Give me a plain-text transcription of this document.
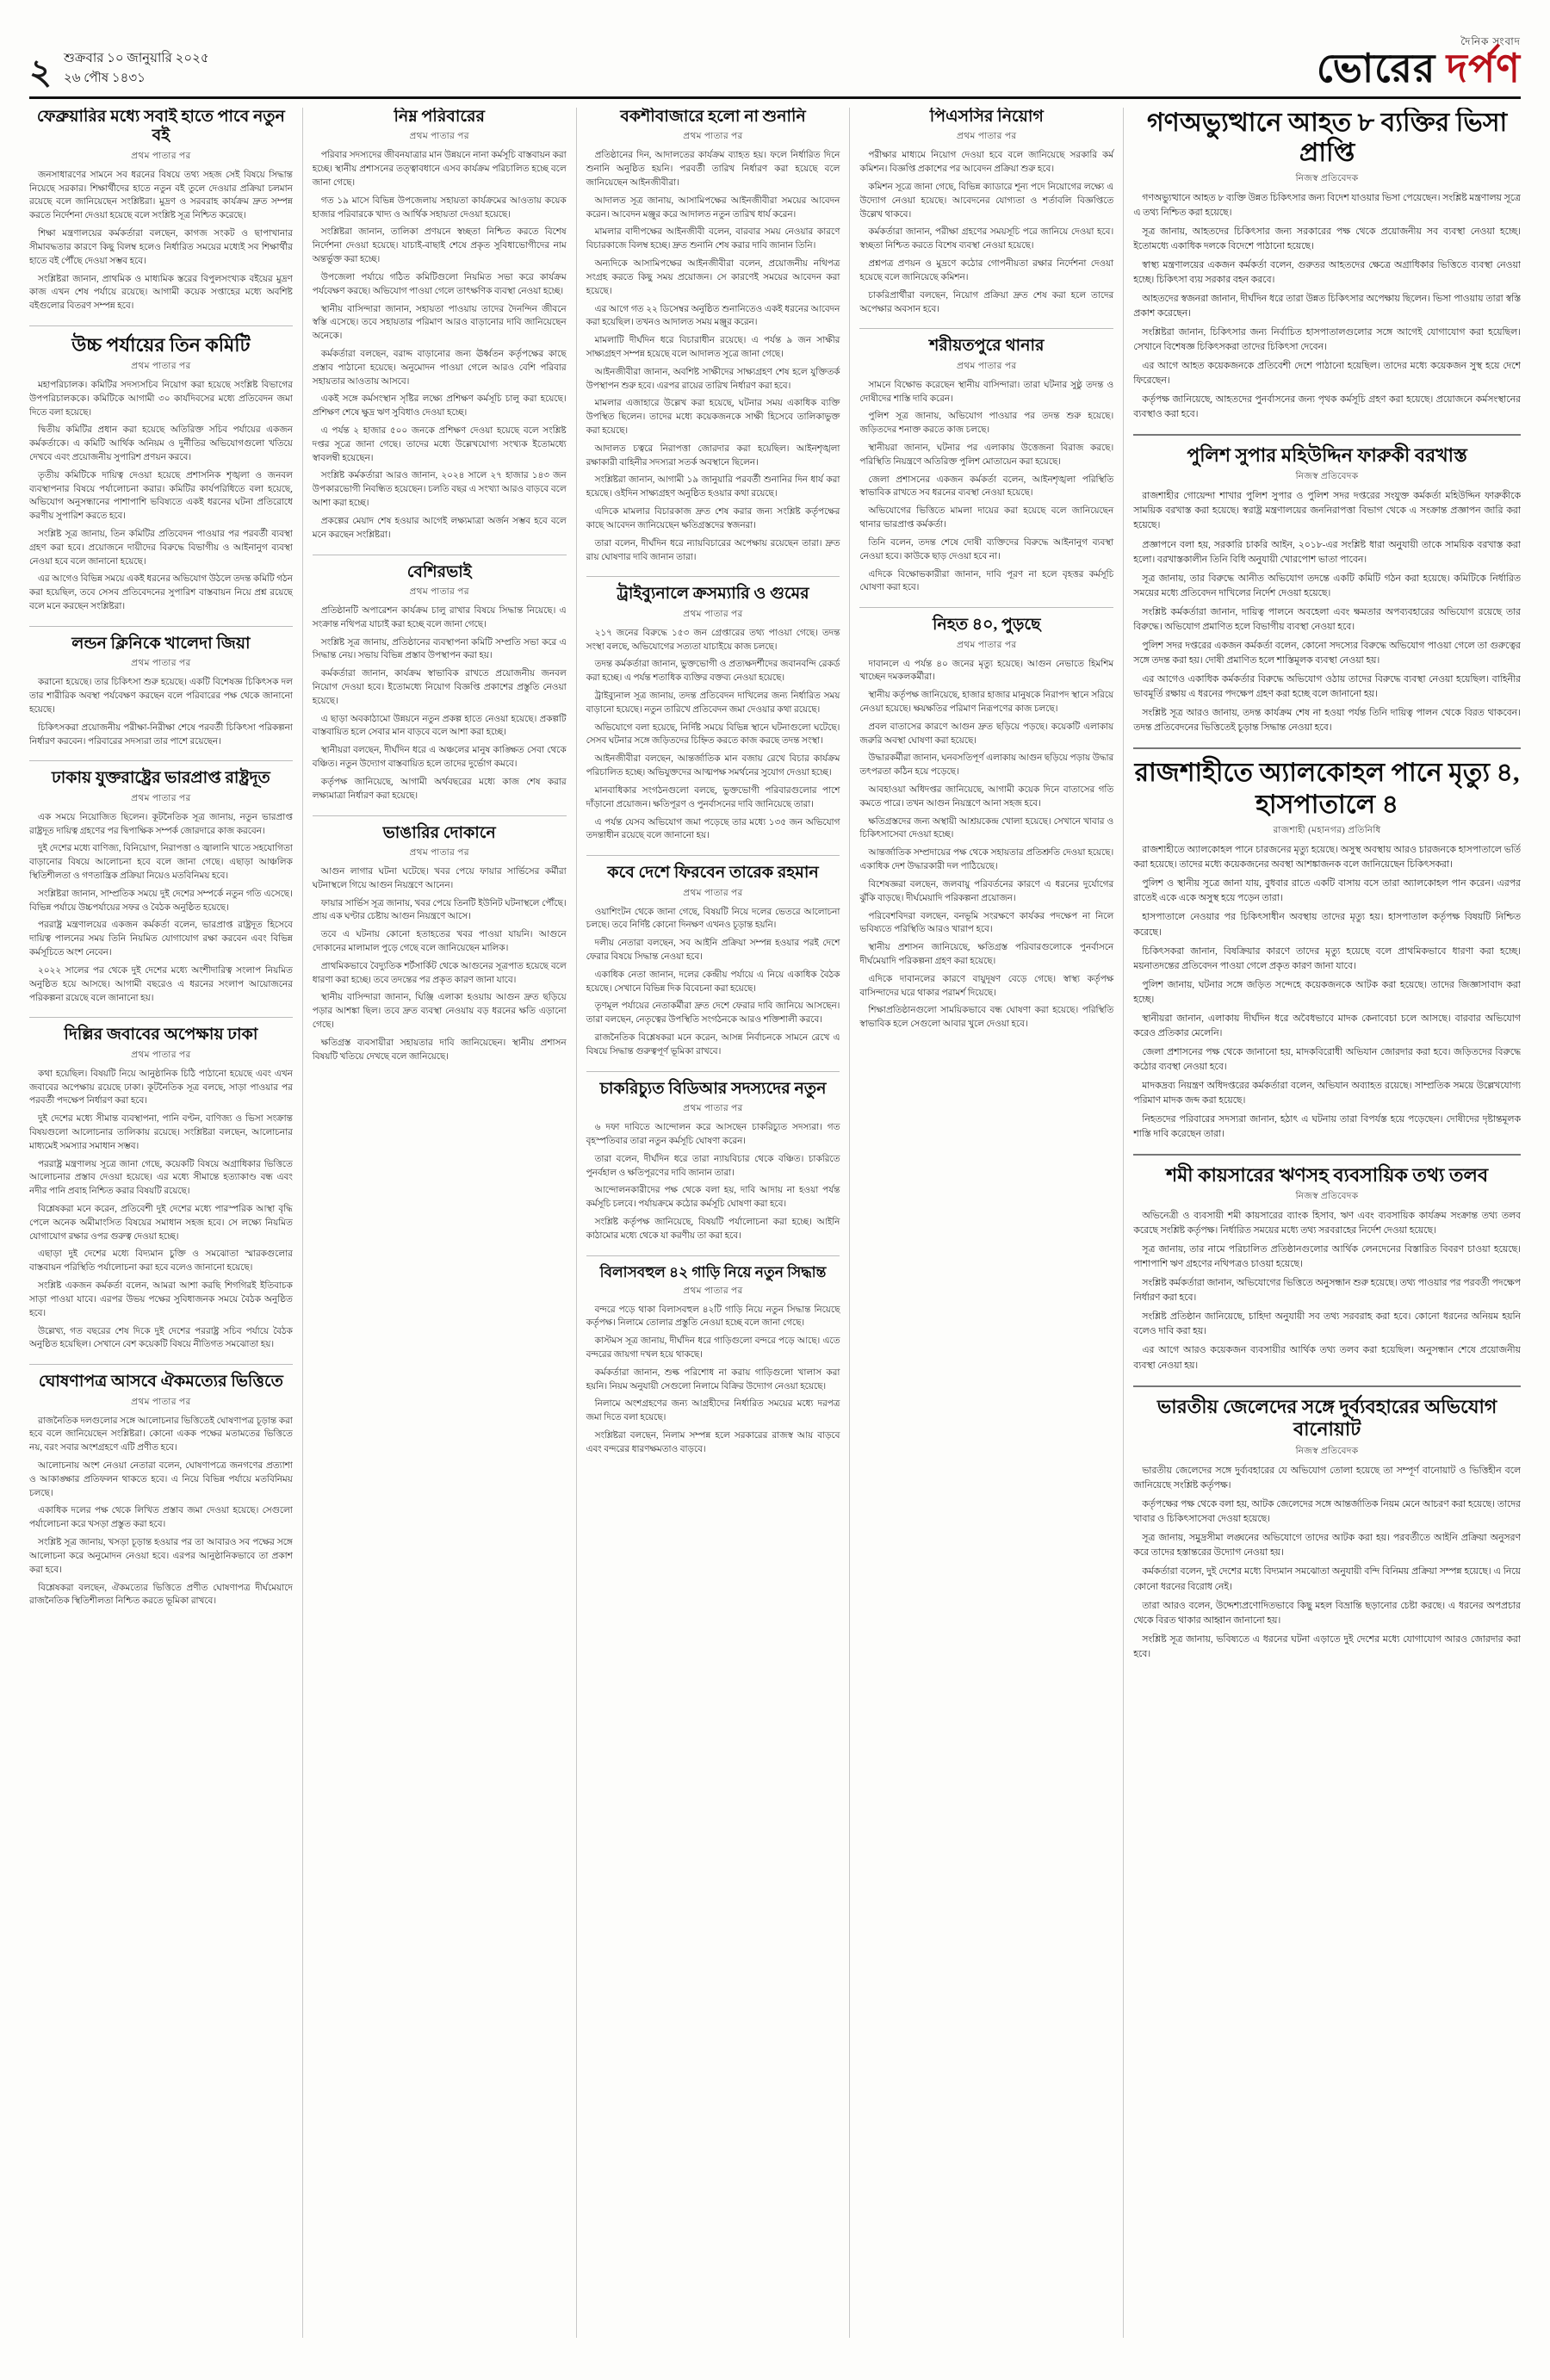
২ শুক্রবার ১০ জানুয়ারি ২০২৫
২৬ পৌষ ১৪৩১
দৈনিক সংবাদ
ভোরের দর্পণ
ফেব্রুয়ারির মধ্যে সবাই হাতে পাবে নতুন বই
প্রথম পাতার পর

জনসাধারণের সামনে সব ধরনের বিষয়ে তথ্য সহজ সেই বিষয়ে সিদ্ধান্ত নিয়েছে সরকার। শিক্ষার্থীদের হাতে নতুন বই তুলে দেওয়ার প্রক্রিয়া চলমান রয়েছে বলে জানিয়েছেন সংশ্লিষ্টরা। মুদ্রণ ও সরবরাহ কার্যক্রম দ্রুত সম্পন্ন করতে নির্দেশনা দেওয়া হয়েছে বলে সংশ্লিষ্ট সূত্র নিশ্চিত করেছে।

শিক্ষা মন্ত্রণালয়ের কর্মকর্তারা বলছেন, কাগজ সংকট ও ছাপাখানার সীমাবদ্ধতার কারণে কিছু বিলম্ব হলেও নির্ধারিত সময়ের মধ্যেই সব শিক্ষার্থীর হাতে বই পৌঁছে দেওয়া সম্ভব হবে।

সংশ্লিষ্টরা জানান, প্রাথমিক ও মাধ্যমিক স্তরের বিপুলসংখ্যক বইয়ের মুদ্রণ কাজ এখন শেষ পর্যায়ে রয়েছে। আগামী কয়েক সপ্তাহের মধ্যে অবশিষ্ট বইগুলোর বিতরণ সম্পন্ন হবে।

উচ্চ পর্যায়ের তিন কমিটি
প্রথম পাতার পর

মহাপরিচালক। কমিটির সদস্যসচিব নিয়োগ করা হয়েছে সংশ্লিষ্ট বিভাগের উপপরিচালককে। কমিটিকে আগামী ৩০ কার্যদিবসের মধ্যে প্রতিবেদন জমা দিতে বলা হয়েছে।

দ্বিতীয় কমিটির প্রধান করা হয়েছে অতিরিক্ত সচিব পর্যায়ের একজন কর্মকর্তাকে। এ কমিটি আর্থিক অনিয়ম ও দুর্নীতির অভিযোগগুলো খতিয়ে দেখবে এবং প্রয়োজনীয় সুপারিশ প্রণয়ন করবে।

তৃতীয় কমিটিকে দায়িত্ব দেওয়া হয়েছে প্রশাসনিক শৃঙ্খলা ও জনবল ব্যবস্থাপনার বিষয়ে পর্যালোচনা করার। কমিটির কার্যপরিধিতে বলা হয়েছে, অভিযোগ অনুসন্ধানের পাশাপাশি ভবিষ্যতে একই ধরনের ঘটনা প্রতিরোধে করণীয় সুপারিশ করতে হবে।

সংশ্লিষ্ট সূত্র জানায়, তিন কমিটির প্রতিবেদন পাওয়ার পর পরবর্তী ব্যবস্থা গ্রহণ করা হবে। প্রয়োজনে দায়ীদের বিরুদ্ধে বিভাগীয় ও আইনানুগ ব্যবস্থা নেওয়া হবে বলে জানানো হয়েছে।

এর আগেও বিভিন্ন সময়ে একই ধরনের অভিযোগ উঠলে তদন্ত কমিটি গঠন করা হয়েছিল, তবে সেসব প্রতিবেদনের সুপারিশ বাস্তবায়ন নিয়ে প্রশ্ন রয়েছে বলে মনে করছেন সংশ্লিষ্টরা।

লন্ডন ক্লিনিকে খালেদা জিয়া
প্রথম পাতার পর

করানো হয়েছে। তার চিকিৎসা শুরু হয়েছে। একটি বিশেষজ্ঞ চিকিৎসক দল তার শারীরিক অবস্থা পর্যবেক্ষণ করছেন বলে পরিবারের পক্ষ থেকে জানানো হয়েছে।

চিকিৎসকরা প্রয়োজনীয় পরীক্ষা-নিরীক্ষা শেষে পরবর্তী চিকিৎসা পরিকল্পনা নির্ধারণ করবেন। পরিবারের সদস্যরা তার পাশে রয়েছেন।

ঢাকায় যুক্তরাষ্ট্রের ভারপ্রাপ্ত রাষ্ট্রদূত
প্রথম পাতার পর

এক সময়ে নিয়োজিত ছিলেন। কূটনৈতিক সূত্র জানায়, নতুন ভারপ্রাপ্ত রাষ্ট্রদূত দায়িত্ব গ্রহণের পর দ্বিপাক্ষিক সম্পর্ক জোরদারে কাজ করবেন।

দুই দেশের মধ্যে বাণিজ্য, বিনিয়োগ, নিরাপত্তা ও জ্বালানি খাতে সহযোগিতা বাড়ানোর বিষয়ে আলোচনা হবে বলে জানা গেছে। এছাড়া আঞ্চলিক স্থিতিশীলতা ও গণতান্ত্রিক প্রক্রিয়া নিয়েও মতবিনিময় হবে।

সংশ্লিষ্টরা জানান, সাম্প্রতিক সময়ে দুই দেশের সম্পর্কে নতুন গতি এসেছে। বিভিন্ন পর্যায়ে উচ্চপর্যায়ের সফর ও বৈঠক অনুষ্ঠিত হয়েছে।

পররাষ্ট্র মন্ত্রণালয়ের একজন কর্মকর্তা বলেন, ভারপ্রাপ্ত রাষ্ট্রদূত হিসেবে দায়িত্ব পালনের সময় তিনি নিয়মিত যোগাযোগ রক্ষা করবেন এবং বিভিন্ন কর্মসূচিতে অংশ নেবেন।

২০২২ সালের পর থেকে দুই দেশের মধ্যে অংশীদারিত্ব সংলাপ নিয়মিত অনুষ্ঠিত হয়ে আসছে। আগামী বছরেও এ ধরনের সংলাপ আয়োজনের পরিকল্পনা রয়েছে বলে জানানো হয়।

দিল্লির জবাবের অপেক্ষায় ঢাকা
প্রথম পাতার পর

কথা হয়েছিল। বিষয়টি নিয়ে আনুষ্ঠানিক চিঠি পাঠানো হয়েছে এবং এখন জবাবের অপেক্ষায় রয়েছে ঢাকা। কূটনৈতিক সূত্র বলছে, সাড়া পাওয়ার পর পরবর্তী পদক্ষেপ নির্ধারণ করা হবে।

দুই দেশের মধ্যে সীমান্ত ব্যবস্থাপনা, পানি বণ্টন, বাণিজ্য ও ভিসা সংক্রান্ত বিষয়গুলো আলোচনার তালিকায় রয়েছে। সংশ্লিষ্টরা বলছেন, আলোচনার মাধ্যমেই সমস্যার সমাধান সম্ভব।

পররাষ্ট্র মন্ত্রণালয় সূত্রে জানা গেছে, কয়েকটি বিষয়ে অগ্রাধিকার ভিত্তিতে আলোচনার প্রস্তাব দেওয়া হয়েছে। এর মধ্যে সীমান্তে হত্যাকাণ্ড বন্ধ এবং নদীর পানি প্রবাহ নিশ্চিত করার বিষয়টি রয়েছে।

বিশ্লেষকরা মনে করেন, প্রতিবেশী দুই দেশের মধ্যে পারস্পরিক আস্থা বৃদ্ধি পেলে অনেক অমীমাংসিত বিষয়ের সমাধান সহজ হবে। সে লক্ষ্যে নিয়মিত যোগাযোগ রক্ষার ওপর গুরুত্ব দেওয়া হচ্ছে।

এছাড়া দুই দেশের মধ্যে বিদ্যমান চুক্তি ও সমঝোতা স্মারকগুলোর বাস্তবায়ন পরিস্থিতি পর্যালোচনা করা হবে বলেও জানানো হয়েছে।

সংশ্লিষ্ট একজন কর্মকর্তা বলেন, আমরা আশা করছি শিগগিরই ইতিবাচক সাড়া পাওয়া যাবে। এরপর উভয় পক্ষের সুবিধাজনক সময়ে বৈঠক অনুষ্ঠিত হবে।

উল্লেখ্য, গত বছরের শেষ দিকে দুই দেশের পররাষ্ট্র সচিব পর্যায়ে বৈঠক অনুষ্ঠিত হয়েছিল। সেখানে বেশ কয়েকটি বিষয়ে নীতিগত সমঝোতা হয়।

ঘোষণাপত্র আসবে ঐকমত্যের ভিত্তিতে
প্রথম পাতার পর

রাজনৈতিক দলগুলোর সঙ্গে আলোচনার ভিত্তিতেই ঘোষণাপত্র চূড়ান্ত করা হবে বলে জানিয়েছেন সংশ্লিষ্টরা। কোনো একক পক্ষের মতামতের ভিত্তিতে নয়, বরং সবার অংশগ্রহণে এটি প্রণীত হবে।

আলোচনায় অংশ নেওয়া নেতারা বলেন, ঘোষণাপত্রে জনগণের প্রত্যাশা ও আকাঙ্ক্ষার প্রতিফলন থাকতে হবে। এ নিয়ে বিভিন্ন পর্যায়ে মতবিনিময় চলছে।

একাধিক দলের পক্ষ থেকে লিখিত প্রস্তাব জমা দেওয়া হয়েছে। সেগুলো পর্যালোচনা করে খসড়া প্রস্তুত করা হবে।

সংশ্লিষ্ট সূত্র জানায়, খসড়া চূড়ান্ত হওয়ার পর তা আবারও সব পক্ষের সঙ্গে আলোচনা করে অনুমোদন নেওয়া হবে। এরপর আনুষ্ঠানিকভাবে তা প্রকাশ করা হবে।

বিশ্লেষকরা বলছেন, ঐকমত্যের ভিত্তিতে প্রণীত ঘোষণাপত্র দীর্ঘমেয়াদে রাজনৈতিক স্থিতিশীলতা নিশ্চিত করতে ভূমিকা রাখবে।

নিম্ন পরিবারের
প্রথম পাতার পর

পরিবার সদস্যদের জীবনযাত্রার মান উন্নয়নে নানা কর্মসূচি বাস্তবায়ন করা হচ্ছে। স্থানীয় প্রশাসনের তত্ত্বাবধানে এসব কার্যক্রম পরিচালিত হচ্ছে বলে জানা গেছে।

গত ১৯ মাসে বিভিন্ন উপজেলায় সহায়তা কার্যক্রমের আওতায় কয়েক হাজার পরিবারকে খাদ্য ও আর্থিক সহায়তা দেওয়া হয়েছে।

সংশ্লিষ্টরা জানান, তালিকা প্রণয়নে স্বচ্ছতা নিশ্চিত করতে বিশেষ নির্দেশনা দেওয়া হয়েছে। যাচাই-বাছাই শেষে প্রকৃত সুবিধাভোগীদের নাম অন্তর্ভুক্ত করা হচ্ছে।

উপজেলা পর্যায়ে গঠিত কমিটিগুলো নিয়মিত সভা করে কার্যক্রম পর্যবেক্ষণ করছে। অভিযোগ পাওয়া গেলে তাৎক্ষণিক ব্যবস্থা নেওয়া হচ্ছে।

স্থানীয় বাসিন্দারা জানান, সহায়তা পাওয়ায় তাদের দৈনন্দিন জীবনে স্বস্তি এসেছে। তবে সহায়তার পরিমাণ আরও বাড়ানোর দাবি জানিয়েছেন অনেকে।

কর্মকর্তারা বলছেন, বরাদ্দ বাড়ানোর জন্য ঊর্ধ্বতন কর্তৃপক্ষের কাছে প্রস্তাব পাঠানো হয়েছে। অনুমোদন পাওয়া গেলে আরও বেশি পরিবার সহায়তার আওতায় আসবে।

একই সঙ্গে কর্মসংস্থান সৃষ্টির লক্ষ্যে প্রশিক্ষণ কর্মসূচি চালু করা হয়েছে। প্রশিক্ষণ শেষে ক্ষুদ্র ঋণ সুবিধাও দেওয়া হচ্ছে।

এ পর্যন্ত ২ হাজার ৫০০ জনকে প্রশিক্ষণ দেওয়া হয়েছে বলে সংশ্লিষ্ট দপ্তর সূত্রে জানা গেছে। তাদের মধ্যে উল্লেখযোগ্য সংখ্যক ইতোমধ্যে স্বাবলম্বী হয়েছেন।

সংশ্লিষ্ট কর্মকর্তারা আরও জানান, ২০২৪ সালে ২৭ হাজার ১৪৩ জন উপকারভোগী নিবন্ধিত হয়েছেন। চলতি বছর এ সংখ্যা আরও বাড়বে বলে আশা করা হচ্ছে।

প্রকল্পের মেয়াদ শেষ হওয়ার আগেই লক্ষ্যমাত্রা অর্জন সম্ভব হবে বলে মনে করছেন সংশ্লিষ্টরা।

বেশিরভাই
প্রথম পাতার পর

প্রতিষ্ঠানটি অপারেশন কার্যক্রম চালু রাখার বিষয়ে সিদ্ধান্ত নিয়েছে। এ সংক্রান্ত নথিপত্র যাচাই করা হচ্ছে বলে জানা গেছে।

সংশ্লিষ্ট সূত্র জানায়, প্রতিষ্ঠানের ব্যবস্থাপনা কমিটি সম্প্রতি সভা করে এ সিদ্ধান্ত নেয়। সভায় বিভিন্ন প্রস্তাব উপস্থাপন করা হয়।

কর্মকর্তারা জানান, কার্যক্রম স্বাভাবিক রাখতে প্রয়োজনীয় জনবল নিয়োগ দেওয়া হবে। ইতোমধ্যে নিয়োগ বিজ্ঞপ্তি প্রকাশের প্রস্তুতি নেওয়া হয়েছে।

এ ছাড়া অবকাঠামো উন্নয়নে নতুন প্রকল্প হাতে নেওয়া হয়েছে। প্রকল্পটি বাস্তবায়িত হলে সেবার মান বাড়বে বলে আশা করা হচ্ছে।

স্থানীয়রা বলছেন, দীর্ঘদিন ধরে এ অঞ্চলের মানুষ কাঙ্ক্ষিত সেবা থেকে বঞ্চিত। নতুন উদ্যোগ বাস্তবায়িত হলে তাদের দুর্ভোগ কমবে।

কর্তৃপক্ষ জানিয়েছে, আগামী অর্থবছরের মধ্যে কাজ শেষ করার লক্ষ্যমাত্রা নির্ধারণ করা হয়েছে।

ভাঙারির দোকানে
প্রথম পাতার পর

আগুন লাগার ঘটনা ঘটেছে। খবর পেয়ে ফায়ার সার্ভিসের কর্মীরা ঘটনাস্থলে গিয়ে আগুন নিয়ন্ত্রণে আনেন।

ফায়ার সার্ভিস সূত্র জানায়, খবর পেয়ে তিনটি ইউনিট ঘটনাস্থলে পৌঁছে। প্রায় এক ঘণ্টার চেষ্টায় আগুন নিয়ন্ত্রণে আসে।

তবে এ ঘটনায় কোনো হতাহতের খবর পাওয়া যায়নি। আগুনে দোকানের মালামাল পুড়ে গেছে বলে জানিয়েছেন মালিক।

প্রাথমিকভাবে বৈদ্যুতিক শর্টসার্কিট থেকে আগুনের সূত্রপাত হয়েছে বলে ধারণা করা হচ্ছে। তবে তদন্তের পর প্রকৃত কারণ জানা যাবে।

স্থানীয় বাসিন্দারা জানান, ঘিঞ্জি এলাকা হওয়ায় আগুন দ্রুত ছড়িয়ে পড়ার আশঙ্কা ছিল। তবে দ্রুত ব্যবস্থা নেওয়ায় বড় ধরনের ক্ষতি এড়ানো গেছে।

ক্ষতিগ্রস্ত ব্যবসায়ীরা সহায়তার দাবি জানিয়েছেন। স্থানীয় প্রশাসন বিষয়টি খতিয়ে দেখছে বলে জানিয়েছে।

বকশীবাজারে হলো না শুনানি
প্রথম পাতার পর

প্রতিষ্ঠানের দিন, আদালতের কার্যক্রম ব্যাহত হয়। ফলে নির্ধারিত দিনে শুনানি অনুষ্ঠিত হয়নি। পরবর্তী তারিখ নির্ধারণ করা হয়েছে বলে জানিয়েছেন আইনজীবীরা।

আদালত সূত্র জানায়, আসামিপক্ষের আইনজীবীরা সময়ের আবেদন করেন। আবেদন মঞ্জুর করে আদালত নতুন তারিখ ধার্য করেন।

মামলার বাদীপক্ষের আইনজীবী বলেন, বারবার সময় নেওয়ার কারণে বিচারকাজে বিলম্ব হচ্ছে। দ্রুত শুনানি শেষ করার দাবি জানান তিনি।

অন্যদিকে আসামিপক্ষের আইনজীবীরা বলেন, প্রয়োজনীয় নথিপত্র সংগ্রহ করতে কিছু সময় প্রয়োজন। সে কারণেই সময়ের আবেদন করা হয়েছে।

এর আগে গত ২২ ডিসেম্বর অনুষ্ঠিত শুনানিতেও একই ধরনের আবেদন করা হয়েছিল। তখনও আদালত সময় মঞ্জুর করেন।

মামলাটি দীর্ঘদিন ধরে বিচারাধীন রয়েছে। এ পর্যন্ত ৯ জন সাক্ষীর সাক্ষ্যগ্রহণ সম্পন্ন হয়েছে বলে আদালত সূত্রে জানা গেছে।

আইনজীবীরা জানান, অবশিষ্ট সাক্ষীদের সাক্ষ্যগ্রহণ শেষ হলে যুক্তিতর্ক উপস্থাপন শুরু হবে। এরপর রায়ের তারিখ নির্ধারণ করা হবে।

মামলার এজাহারে উল্লেখ করা হয়েছে, ঘটনার সময় একাধিক ব্যক্তি উপস্থিত ছিলেন। তাদের মধ্যে কয়েকজনকে সাক্ষী হিসেবে তালিকাভুক্ত করা হয়েছে।

আদালত চত্বরে নিরাপত্তা জোরদার করা হয়েছিল। আইনশৃঙ্খলা রক্ষাকারী বাহিনীর সদস্যরা সতর্ক অবস্থানে ছিলেন।

সংশ্লিষ্টরা জানান, আগামী ১৯ জানুয়ারি পরবর্তী শুনানির দিন ধার্য করা হয়েছে। ওইদিন সাক্ষ্যগ্রহণ অনুষ্ঠিত হওয়ার কথা রয়েছে।

এদিকে মামলার বিচারকাজ দ্রুত শেষ করার জন্য সংশ্লিষ্ট কর্তৃপক্ষের কাছে আবেদন জানিয়েছেন ক্ষতিগ্রস্তদের স্বজনরা।

তারা বলেন, দীর্ঘদিন ধরে ন্যায়বিচারের অপেক্ষায় রয়েছেন তারা। দ্রুত রায় ঘোষণার দাবি জানান তারা।

ট্রাইব্যুনালে ক্রসম্যারি ও গুমের
প্রথম পাতার পর

২১৭ জনের বিরুদ্ধে ১৫৩ জন গ্রেপ্তারের তথ্য পাওয়া গেছে। তদন্ত সংস্থা বলছে, অভিযোগের সত্যতা যাচাইয়ে কাজ চলছে।

তদন্ত কর্মকর্তারা জানান, ভুক্তভোগী ও প্রত্যক্ষদর্শীদের জবানবন্দি রেকর্ড করা হচ্ছে। এ পর্যন্ত শতাধিক ব্যক্তির বক্তব্য নেওয়া হয়েছে।

ট্রাইব্যুনাল সূত্র জানায়, তদন্ত প্রতিবেদন দাখিলের জন্য নির্ধারিত সময় বাড়ানো হয়েছে। নতুন তারিখে প্রতিবেদন জমা দেওয়ার কথা রয়েছে।

অভিযোগে বলা হয়েছে, নির্দিষ্ট সময়ে বিভিন্ন স্থানে ঘটনাগুলো ঘটেছে। সেসব ঘটনার সঙ্গে জড়িতদের চিহ্নিত করতে কাজ করছে তদন্ত সংস্থা।

আইনজীবীরা বলছেন, আন্তর্জাতিক মান বজায় রেখে বিচার কার্যক্রম পরিচালিত হচ্ছে। অভিযুক্তদের আত্মপক্ষ সমর্থনের সুযোগ দেওয়া হচ্ছে।

মানবাধিকার সংগঠনগুলো বলছে, ভুক্তভোগী পরিবারগুলোর পাশে দাঁড়ানো প্রয়োজন। ক্ষতিপূরণ ও পুনর্বাসনের দাবি জানিয়েছে তারা।

এ পর্যন্ত যেসব অভিযোগ জমা পড়েছে তার মধ্যে ১৩৫ জন অভিযোগ তদন্তাধীন রয়েছে বলে জানানো হয়।

কবে দেশে ফিরবেন তারেক রহমান
প্রথম পাতার পর

ওয়াশিংটন থেকে জানা গেছে, বিষয়টি নিয়ে দলের ভেতরে আলোচনা চলছে। তবে নির্দিষ্ট কোনো দিনক্ষণ এখনও চূড়ান্ত হয়নি।

দলীয় নেতারা বলছেন, সব আইনি প্রক্রিয়া সম্পন্ন হওয়ার পরই দেশে ফেরার বিষয়ে সিদ্ধান্ত নেওয়া হবে।

একাধিক নেতা জানান, দলের কেন্দ্রীয় পর্যায়ে এ নিয়ে একাধিক বৈঠক হয়েছে। সেখানে বিভিন্ন দিক বিবেচনা করা হয়েছে।

তৃণমূল পর্যায়ের নেতাকর্মীরা দ্রুত দেশে ফেরার দাবি জানিয়ে আসছেন। তারা বলছেন, নেতৃত্বের উপস্থিতি সংগঠনকে আরও শক্তিশালী করবে।

রাজনৈতিক বিশ্লেষকরা মনে করেন, আসন্ন নির্বাচনকে সামনে রেখে এ বিষয়ে সিদ্ধান্ত গুরুত্বপূর্ণ ভূমিকা রাখবে।

চাকরিচ্যুত বিডিআর সদস্যদের নতুন
প্রথম পাতার পর

৬ দফা দাবিতে আন্দোলন করে আসছেন চাকরিচ্যুত সদস্যরা। গত বৃহস্পতিবার তারা নতুন কর্মসূচি ঘোষণা করেন।

তারা বলেন, দীর্ঘদিন ধরে তারা ন্যায়বিচার থেকে বঞ্চিত। চাকরিতে পুনর্বহাল ও ক্ষতিপূরণের দাবি জানান তারা।

আন্দোলনকারীদের পক্ষ থেকে বলা হয়, দাবি আদায় না হওয়া পর্যন্ত কর্মসূচি চলবে। পর্যায়ক্রমে কঠোর কর্মসূচি ঘোষণা করা হবে।

সংশ্লিষ্ট কর্তৃপক্ষ জানিয়েছে, বিষয়টি পর্যালোচনা করা হচ্ছে। আইনি কাঠামোর মধ্যে থেকে যা করণীয় তা করা হবে।

বিলাসবহুল ৪২ গাড়ি নিয়ে নতুন সিদ্ধান্ত
প্রথম পাতার পর

বন্দরে পড়ে থাকা বিলাসবহুল ৪২টি গাড়ি নিয়ে নতুন সিদ্ধান্ত নিয়েছে কর্তৃপক্ষ। নিলামে তোলার প্রস্তুতি নেওয়া হচ্ছে বলে জানা গেছে।

কাস্টমস সূত্র জানায়, দীর্ঘদিন ধরে গাড়িগুলো বন্দরে পড়ে আছে। এতে বন্দরের জায়গা দখল হয়ে থাকছে।

কর্মকর্তারা জানান, শুল্ক পরিশোধ না করায় গাড়িগুলো খালাস করা হয়নি। নিয়ম অনুযায়ী সেগুলো নিলামে বিক্রির উদ্যোগ নেওয়া হয়েছে।

নিলামে অংশগ্রহণের জন্য আগ্রহীদের নির্ধারিত সময়ের মধ্যে দরপত্র জমা দিতে বলা হয়েছে।

সংশ্লিষ্টরা বলছেন, নিলাম সম্পন্ন হলে সরকারের রাজস্ব আয় বাড়বে এবং বন্দরের ধারণক্ষমতাও বাড়বে।

পিএসসির নিয়োগ
প্রথম পাতার পর

পরীক্ষার মাধ্যমে নিয়োগ দেওয়া হবে বলে জানিয়েছে সরকারি কর্ম কমিশন। বিজ্ঞপ্তি প্রকাশের পর আবেদন প্রক্রিয়া শুরু হবে।

কমিশন সূত্রে জানা গেছে, বিভিন্ন ক্যাডারে শূন্য পদে নিয়োগের লক্ষ্যে এ উদ্যোগ নেওয়া হয়েছে। আবেদনের যোগ্যতা ও শর্তাবলি বিজ্ঞপ্তিতে উল্লেখ থাকবে।

কর্মকর্তারা জানান, পরীক্ষা গ্রহণের সময়সূচি পরে জানিয়ে দেওয়া হবে। স্বচ্ছতা নিশ্চিত করতে বিশেষ ব্যবস্থা নেওয়া হয়েছে।

প্রশ্নপত্র প্রণয়ন ও মুদ্রণে কঠোর গোপনীয়তা রক্ষার নির্দেশনা দেওয়া হয়েছে বলে জানিয়েছে কমিশন।

চাকরিপ্রার্থীরা বলছেন, নিয়োগ প্রক্রিয়া দ্রুত শেষ করা হলে তাদের অপেক্ষার অবসান হবে।

শরীয়তপুরে থানার
প্রথম পাতার পর

সামনে বিক্ষোভ করেছেন স্থানীয় বাসিন্দারা। তারা ঘটনার সুষ্ঠু তদন্ত ও দোষীদের শাস্তি দাবি করেন।

পুলিশ সূত্র জানায়, অভিযোগ পাওয়ার পর তদন্ত শুরু হয়েছে। জড়িতদের শনাক্ত করতে কাজ চলছে।

স্থানীয়রা জানান, ঘটনার পর এলাকায় উত্তেজনা বিরাজ করছে। পরিস্থিতি নিয়ন্ত্রণে অতিরিক্ত পুলিশ মোতায়েন করা হয়েছে।

জেলা প্রশাসনের একজন কর্মকর্তা বলেন, আইনশৃঙ্খলা পরিস্থিতি স্বাভাবিক রাখতে সব ধরনের ব্যবস্থা নেওয়া হয়েছে।

অভিযোগের ভিত্তিতে মামলা দায়ের করা হয়েছে বলে জানিয়েছেন থানার ভারপ্রাপ্ত কর্মকর্তা।

তিনি বলেন, তদন্ত শেষে দোষী ব্যক্তিদের বিরুদ্ধে আইনানুগ ব্যবস্থা নেওয়া হবে। কাউকে ছাড় দেওয়া হবে না।

এদিকে বিক্ষোভকারীরা জানান, দাবি পূরণ না হলে বৃহত্তর কর্মসূচি ঘোষণা করা হবে।

নিহত ৪০, পুড়ছে
প্রথম পাতার পর

দাবানলে এ পর্যন্ত ৪০ জনের মৃত্যু হয়েছে। আগুন নেভাতে হিমশিম খাচ্ছেন দমকলকর্মীরা।

স্থানীয় কর্তৃপক্ষ জানিয়েছে, হাজার হাজার মানুষকে নিরাপদ স্থানে সরিয়ে নেওয়া হয়েছে। ক্ষয়ক্ষতির পরিমাণ নিরূপণের কাজ চলছে।

প্রবল বাতাসের কারণে আগুন দ্রুত ছড়িয়ে পড়ছে। কয়েকটি এলাকায় জরুরি অবস্থা ঘোষণা করা হয়েছে।

উদ্ধারকর্মীরা জানান, ঘনবসতিপূর্ণ এলাকায় আগুন ছড়িয়ে পড়ায় উদ্ধার তৎপরতা কঠিন হয়ে পড়েছে।

আবহাওয়া অধিদপ্তর জানিয়েছে, আগামী কয়েক দিনে বাতাসের গতি কমতে পারে। তখন আগুন নিয়ন্ত্রণে আনা সহজ হবে।

ক্ষতিগ্রস্তদের জন্য অস্থায়ী আশ্রয়কেন্দ্র খোলা হয়েছে। সেখানে খাবার ও চিকিৎসাসেবা দেওয়া হচ্ছে।

আন্তর্জাতিক সম্প্রদায়ের পক্ষ থেকে সহায়তার প্রতিশ্রুতি দেওয়া হয়েছে। একাধিক দেশ উদ্ধারকারী দল পাঠিয়েছে।

বিশেষজ্ঞরা বলছেন, জলবায়ু পরিবর্তনের কারণে এ ধরনের দুর্যোগের ঝুঁকি বাড়ছে। দীর্ঘমেয়াদি পরিকল্পনা প্রয়োজন।

পরিবেশবিদরা বলছেন, বনভূমি সংরক্ষণে কার্যকর পদক্ষেপ না নিলে ভবিষ্যতে পরিস্থিতি আরও খারাপ হবে।

স্থানীয় প্রশাসন জানিয়েছে, ক্ষতিগ্রস্ত পরিবারগুলোকে পুনর্বাসনে দীর্ঘমেয়াদি পরিকল্পনা গ্রহণ করা হয়েছে।

এদিকে দাবানলের কারণে বায়ুদূষণ বেড়ে গেছে। স্বাস্থ্য কর্তৃপক্ষ বাসিন্দাদের ঘরে থাকার পরামর্শ দিয়েছে।

শিক্ষাপ্রতিষ্ঠানগুলো সাময়িকভাবে বন্ধ ঘোষণা করা হয়েছে। পরিস্থিতি স্বাভাবিক হলে সেগুলো আবার খুলে দেওয়া হবে।

গণঅভ্যুত্থানে আহত ৮ ব্যক্তির ভিসা প্রাপ্তি
নিজস্ব প্রতিবেদক

গণঅভ্যুত্থানে আহত ৮ ব্যক্তি উন্নত চিকিৎসার জন্য বিদেশ যাওয়ার ভিসা পেয়েছেন। সংশ্লিষ্ট মন্ত্রণালয় সূত্রে এ তথ্য নিশ্চিত করা হয়েছে।

সূত্র জানায়, আহতদের চিকিৎসার জন্য সরকারের পক্ষ থেকে প্রয়োজনীয় সব ব্যবস্থা নেওয়া হচ্ছে। ইতোমধ্যে একাধিক দলকে বিদেশে পাঠানো হয়েছে।

স্বাস্থ্য মন্ত্রণালয়ের একজন কর্মকর্তা বলেন, গুরুতর আহতদের ক্ষেত্রে অগ্রাধিকার ভিত্তিতে ব্যবস্থা নেওয়া হচ্ছে। চিকিৎসা ব্যয় সরকার বহন করবে।

আহতদের স্বজনরা জানান, দীর্ঘদিন ধরে তারা উন্নত চিকিৎসার অপেক্ষায় ছিলেন। ভিসা পাওয়ায় তারা স্বস্তি প্রকাশ করেছেন।

সংশ্লিষ্টরা জানান, চিকিৎসার জন্য নির্বাচিত হাসপাতালগুলোর সঙ্গে আগেই যোগাযোগ করা হয়েছিল। সেখানে বিশেষজ্ঞ চিকিৎসকরা তাদের চিকিৎসা দেবেন।

এর আগে আহত কয়েকজনকে প্রতিবেশী দেশে পাঠানো হয়েছিল। তাদের মধ্যে কয়েকজন সুস্থ হয়ে দেশে ফিরেছেন।

কর্তৃপক্ষ জানিয়েছে, আহতদের পুনর্বাসনের জন্য পৃথক কর্মসূচি গ্রহণ করা হয়েছে। প্রয়োজনে কর্মসংস্থানের ব্যবস্থাও করা হবে।

পুলিশ সুপার মহিউদ্দিন ফারুকী বরখাস্ত
নিজস্ব প্রতিবেদক

রাজশাহীর গোয়েন্দা শাখার পুলিশ সুপার ও পুলিশ সদর দপ্তরের সংযুক্ত কর্মকর্তা মহিউদ্দিন ফারুকীকে সাময়িক বরখাস্ত করা হয়েছে। স্বরাষ্ট্র মন্ত্রণালয়ের জননিরাপত্তা বিভাগ থেকে এ সংক্রান্ত প্রজ্ঞাপন জারি করা হয়েছে।

প্রজ্ঞাপনে বলা হয়, সরকারি চাকরি আইন, ২০১৮-এর সংশ্লিষ্ট ধারা অনুযায়ী তাকে সাময়িক বরখাস্ত করা হলো। বরখাস্তকালীন তিনি বিধি অনুযায়ী খোরপোশ ভাতা পাবেন।

সূত্র জানায়, তার বিরুদ্ধে আনীত অভিযোগ তদন্তে একটি কমিটি গঠন করা হয়েছে। কমিটিকে নির্ধারিত সময়ের মধ্যে প্রতিবেদন দাখিলের নির্দেশ দেওয়া হয়েছে।

সংশ্লিষ্ট কর্মকর্তারা জানান, দায়িত্ব পালনে অবহেলা এবং ক্ষমতার অপব্যবহারের অভিযোগ রয়েছে তার বিরুদ্ধে। অভিযোগ প্রমাণিত হলে বিভাগীয় ব্যবস্থা নেওয়া হবে।

পুলিশ সদর দপ্তরের একজন কর্মকর্তা বলেন, কোনো সদস্যের বিরুদ্ধে অভিযোগ পাওয়া গেলে তা গুরুত্বের সঙ্গে তদন্ত করা হয়। দোষী প্রমাণিত হলে শাস্তিমূলক ব্যবস্থা নেওয়া হয়।

এর আগেও একাধিক কর্মকর্তার বিরুদ্ধে অভিযোগ ওঠায় তাদের বিরুদ্ধে ব্যবস্থা নেওয়া হয়েছিল। বাহিনীর ভাবমূর্তি রক্ষায় এ ধরনের পদক্ষেপ গ্রহণ করা হচ্ছে বলে জানানো হয়।

সংশ্লিষ্ট সূত্র আরও জানায়, তদন্ত কার্যক্রম শেষ না হওয়া পর্যন্ত তিনি দায়িত্ব পালন থেকে বিরত থাকবেন। তদন্ত প্রতিবেদনের ভিত্তিতেই চূড়ান্ত সিদ্ধান্ত নেওয়া হবে।

রাজশাহীতে অ্যালকোহল পানে মৃত্যু ৪, হাসপাতালে ৪
রাজশাহী (মহানগর) প্রতিনিধি

রাজশাহীতে অ্যালকোহল পানে চারজনের মৃত্যু হয়েছে। অসুস্থ অবস্থায় আরও চারজনকে হাসপাতালে ভর্তি করা হয়েছে। তাদের মধ্যে কয়েকজনের অবস্থা আশঙ্কাজনক বলে জানিয়েছেন চিকিৎসকরা।

পুলিশ ও স্থানীয় সূত্রে জানা যায়, বুধবার রাতে একটি বাসায় বসে তারা অ্যালকোহল পান করেন। এরপর রাতেই একে একে অসুস্থ হয়ে পড়েন তারা।

হাসপাতালে নেওয়ার পর চিকিৎসাধীন অবস্থায় তাদের মৃত্যু হয়। হাসপাতাল কর্তৃপক্ষ বিষয়টি নিশ্চিত করেছে।

চিকিৎসকরা জানান, বিষক্রিয়ার কারণে তাদের মৃত্যু হয়েছে বলে প্রাথমিকভাবে ধারণা করা হচ্ছে। ময়নাতদন্তের প্রতিবেদন পাওয়া গেলে প্রকৃত কারণ জানা যাবে।

পুলিশ জানায়, ঘটনার সঙ্গে জড়িত সন্দেহে কয়েকজনকে আটক করা হয়েছে। তাদের জিজ্ঞাসাবাদ করা হচ্ছে।

স্থানীয়রা জানান, এলাকায় দীর্ঘদিন ধরে অবৈধভাবে মাদক কেনাবেচা চলে আসছে। বারবার অভিযোগ করেও প্রতিকার মেলেনি।

জেলা প্রশাসনের পক্ষ থেকে জানানো হয়, মাদকবিরোধী অভিযান জোরদার করা হবে। জড়িতদের বিরুদ্ধে কঠোর ব্যবস্থা নেওয়া হবে।

মাদকদ্রব্য নিয়ন্ত্রণ অধিদপ্তরের কর্মকর্তারা বলেন, অভিযান অব্যাহত রয়েছে। সাম্প্রতিক সময়ে উল্লেখযোগ্য পরিমাণ মাদক জব্দ করা হয়েছে।

নিহতদের পরিবারের সদস্যরা জানান, হঠাৎ এ ঘটনায় তারা বিপর্যস্ত হয়ে পড়েছেন। দোষীদের দৃষ্টান্তমূলক শাস্তি দাবি করেছেন তারা।

শমী কায়সারের ঋণসহ ব্যবসায়িক তথ্য তলব
নিজস্ব প্রতিবেদক

অভিনেত্রী ও ব্যবসায়ী শমী কায়সারের ব্যাংক হিসাব, ঋণ এবং ব্যবসায়িক কার্যক্রম সংক্রান্ত তথ্য তলব করেছে সংশ্লিষ্ট কর্তৃপক্ষ। নির্ধারিত সময়ের মধ্যে তথ্য সরবরাহের নির্দেশ দেওয়া হয়েছে।

সূত্র জানায়, তার নামে পরিচালিত প্রতিষ্ঠানগুলোর আর্থিক লেনদেনের বিস্তারিত বিবরণ চাওয়া হয়েছে। পাশাপাশি ঋণ গ্রহণের নথিপত্রও চাওয়া হয়েছে।

সংশ্লিষ্ট কর্মকর্তারা জানান, অভিযোগের ভিত্তিতে অনুসন্ধান শুরু হয়েছে। তথ্য পাওয়ার পর পরবর্তী পদক্ষেপ নির্ধারণ করা হবে।

সংশ্লিষ্ট প্রতিষ্ঠান জানিয়েছে, চাহিদা অনুযায়ী সব তথ্য সরবরাহ করা হবে। কোনো ধরনের অনিয়ম হয়নি বলেও দাবি করা হয়।

এর আগে আরও কয়েকজন ব্যবসায়ীর আর্থিক তথ্য তলব করা হয়েছিল। অনুসন্ধান শেষে প্রয়োজনীয় ব্যবস্থা নেওয়া হয়।

ভারতীয় জেলেদের সঙ্গে দুর্ব্যবহারের অভিযোগ বানোয়াট
নিজস্ব প্রতিবেদক

ভারতীয় জেলেদের সঙ্গে দুর্ব্যবহারের যে অভিযোগ তোলা হয়েছে তা সম্পূর্ণ বানোয়াট ও ভিত্তিহীন বলে জানিয়েছে সংশ্লিষ্ট কর্তৃপক্ষ।

কর্তৃপক্ষের পক্ষ থেকে বলা হয়, আটক জেলেদের সঙ্গে আন্তর্জাতিক নিয়ম মেনে আচরণ করা হয়েছে। তাদের খাবার ও চিকিৎসাসেবা দেওয়া হয়েছে।

সূত্র জানায়, সমুদ্রসীমা লঙ্ঘনের অভিযোগে তাদের আটক করা হয়। পরবর্তীতে আইনি প্রক্রিয়া অনুসরণ করে তাদের হস্তান্তরের উদ্যোগ নেওয়া হয়।

কর্মকর্তারা বলেন, দুই দেশের মধ্যে বিদ্যমান সমঝোতা অনুযায়ী বন্দি বিনিময় প্রক্রিয়া সম্পন্ন হয়েছে। এ নিয়ে কোনো ধরনের বিরোধ নেই।

তারা আরও বলেন, উদ্দেশ্যপ্রণোদিতভাবে কিছু মহল বিভ্রান্তি ছড়ানোর চেষ্টা করছে। এ ধরনের অপপ্রচার থেকে বিরত থাকার আহ্বান জানানো হয়।

সংশ্লিষ্ট সূত্র জানায়, ভবিষ্যতে এ ধরনের ঘটনা এড়াতে দুই দেশের মধ্যে যোগাযোগ আরও জোরদার করা হবে।
